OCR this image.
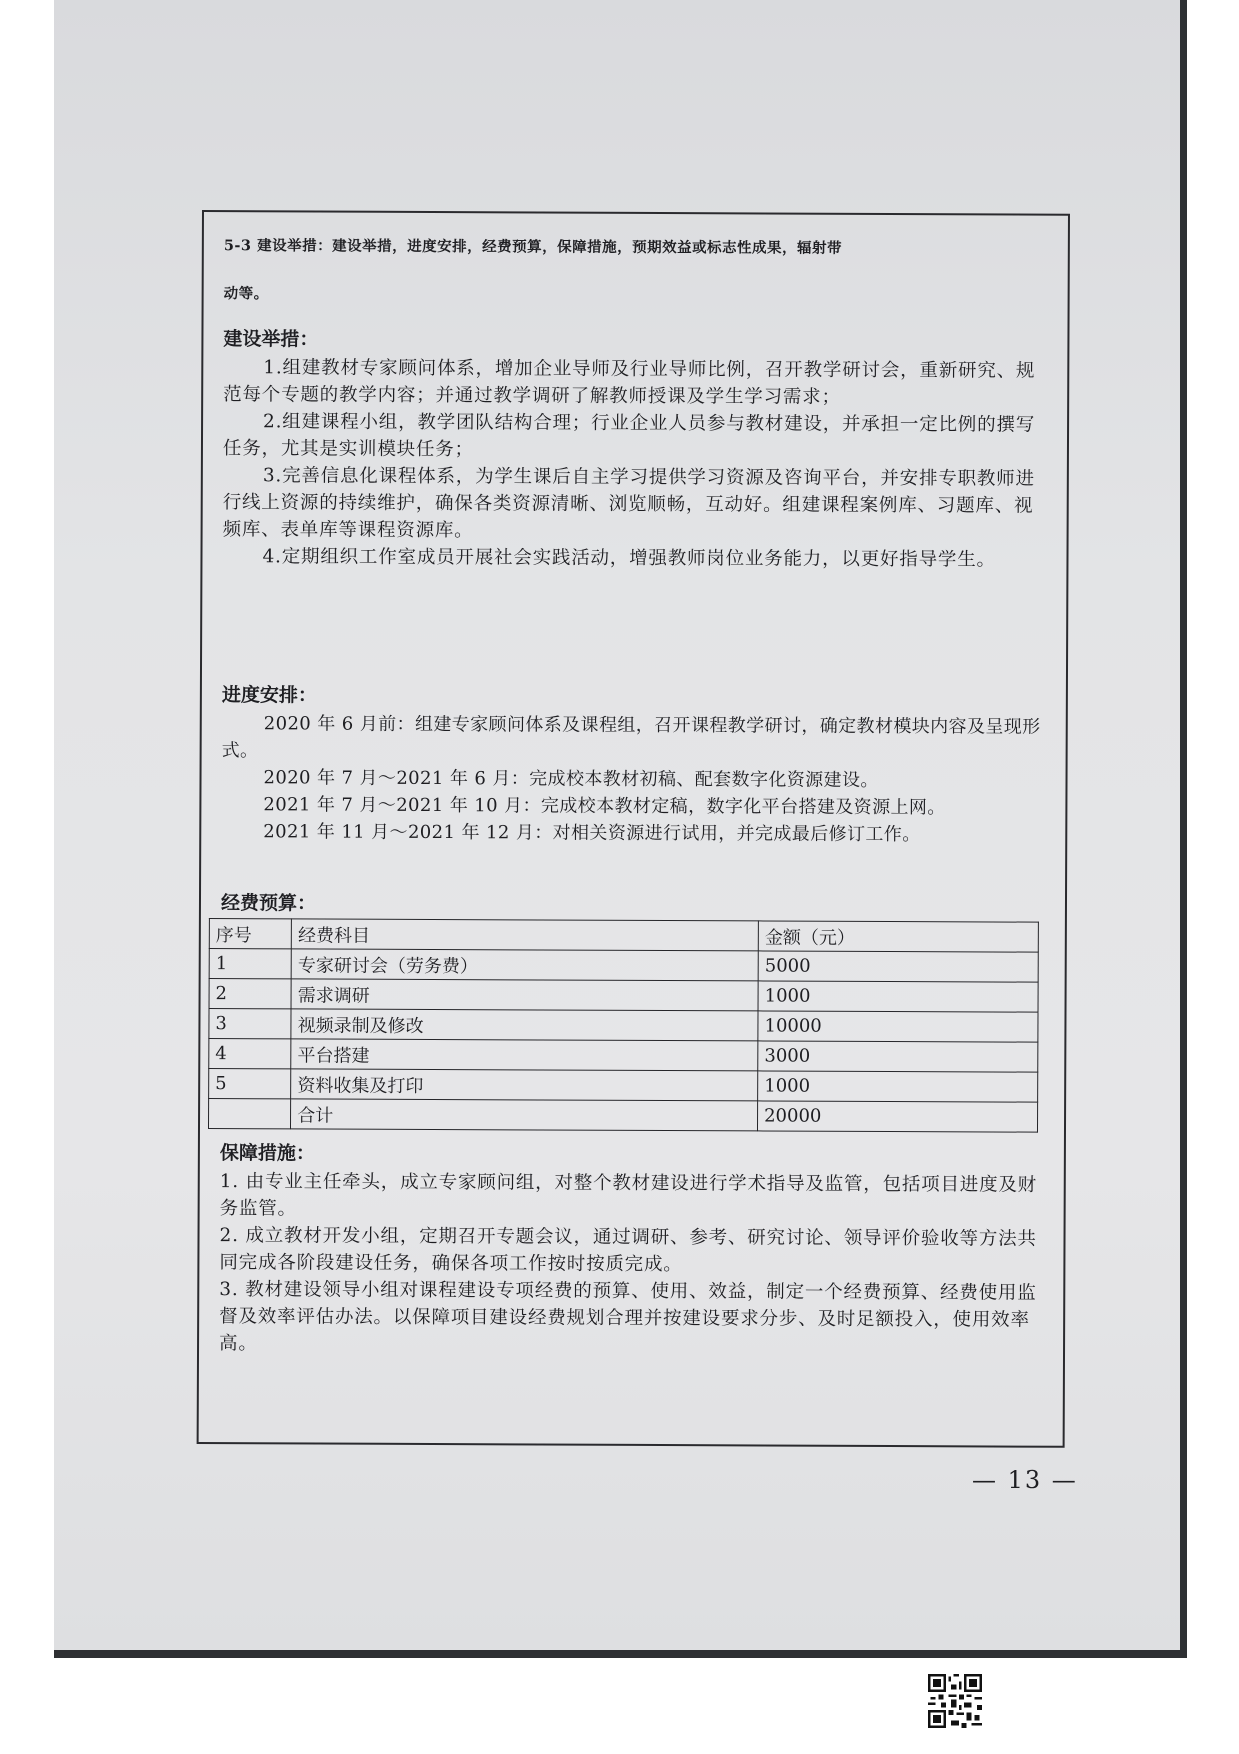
5-3 建设举措：建设举措，进度安排，经费预算，保障措施，预期效益或标志性成果，辐射带
动等。
建设举措：

1.组建教材专家顾问体系，增加企业导师及行业导师比例，召开教学研讨会，重新研究、规范每个专题的教学内容；并通过教学调研了解教师授课及学生学习需求；

2.组建课程小组，教学团队结构合理；行业企业人员参与教材建设，并承担一定比例的撰写任务，尤其是实训模块任务；

3.完善信息化课程体系，为学生课后自主学习提供学习资源及咨询平台，并安排专职教师进行线上资源的持续维护，确保各类资源清晰、浏览顺畅，互动好。组建课程案例库、习题库、视频库、表单库等课程资源库。

4.定期组织工作室成员开展社会实践活动，增强教师岗位业务能力，以更好指导学生。

进度安排：

2020 年 6 月前：组建专家顾问体系及课程组，召开课程教学研讨，确定教材模块内容及呈现形式。

2020 年 7 月～2021 年 6 月：完成校本教材初稿、配套数字化资源建设。

2021 年 7 月～2021 年 10 月：完成校本教材定稿，数字化平台搭建及资源上网。

2021 年 11 月～2021 年 12 月：对相关资源进行试用，并完成最后修订工作。

经费预算：
序号	经费科目	金额（元）
1	专家研讨会（劳务费）	5000
2	需求调研	1000
3	视频录制及修改	10000
4	平台搭建	3000
5	资料收集及打印	1000
	合计	20000
保障措施：

1. 由专业主任牵头，成立专家顾问组，对整个教材建设进行学术指导及监管，包括项目进度及财务监管。

2. 成立教材开发小组，定期召开专题会议，通过调研、参考、研究讨论、领导评价验收等方法共同完成各阶段建设任务，确保各项工作按时按质完成。

3. 教材建设领导小组对课程建设专项经费的预算、使用、效益，制定一个经费预算、经费使用监督及效率评估办法。以保障项目建设经费规划合理并按建设要求分步、及时足额投入，使用效率高。

— 13 —
